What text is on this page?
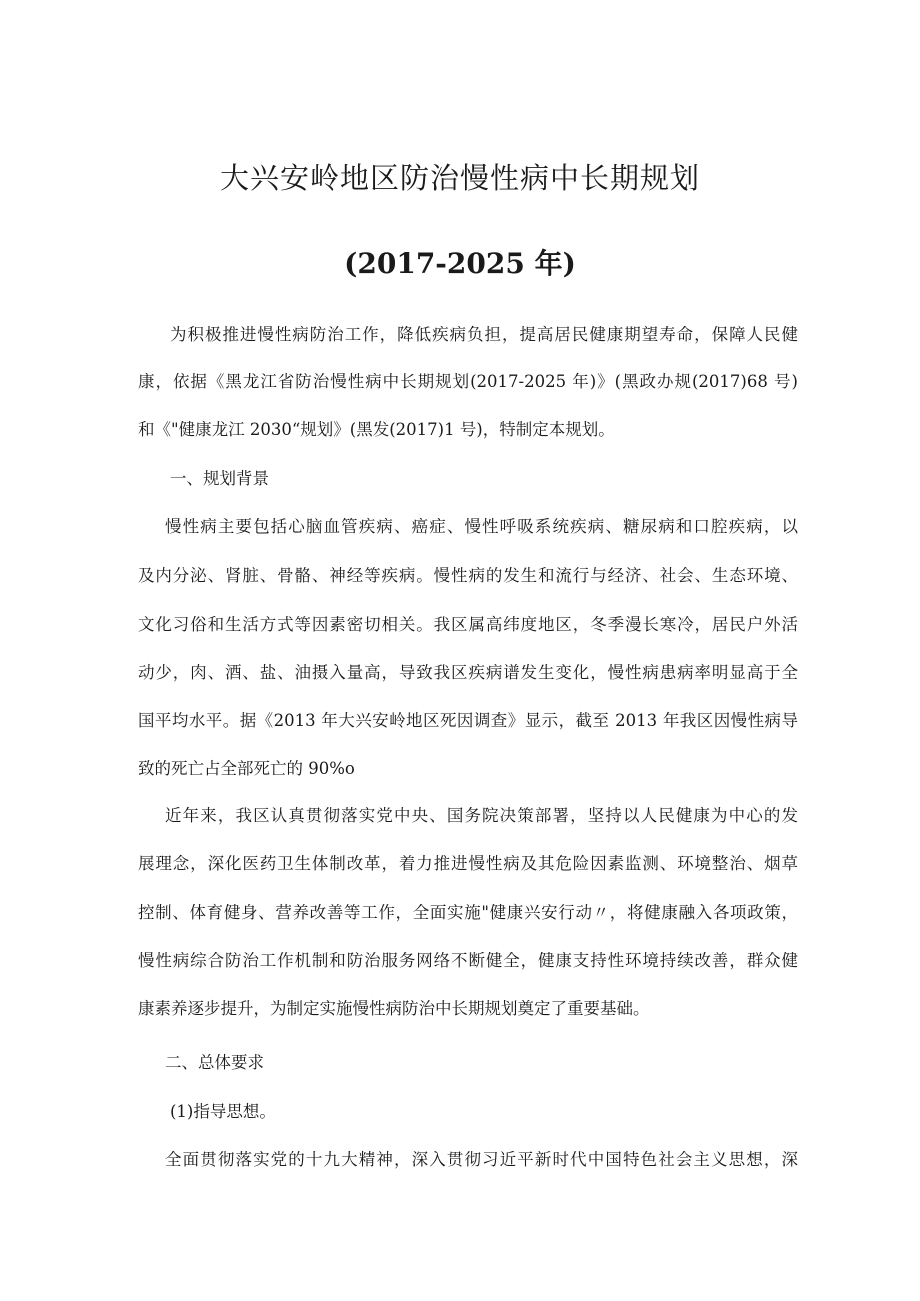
大兴安岭地区防治慢性病中长期规划
(2017-2025 年)

为积极推进慢性病防治工作，降低疾病负担，提高居民健康期望寿命，保障人民健

康，依据《黑龙江省防治慢性病中长期规划(2017-2025 年)》(黑政办规(2017)68 号)

和《"健康龙江 2030“规划》(黑发(2017)1 号)，特制定本规划。

一、规划背景

慢性病主要包括心脑血管疾病、癌症、慢性呼吸系统疾病、糖尿病和口腔疾病，以

及内分泌、肾脏、骨骼、神经等疾病。慢性病的发生和流行与经济、社会、生态环境、

文化习俗和生活方式等因素密切相关。我区属高纬度地区，冬季漫长寒冷，居民户外活

动少，肉、酒、盐、油摄入量高，导致我区疾病谱发生变化，慢性病患病率明显高于全

国平均水平。据《2013 年大兴安岭地区死因调查》显示，截至 2013 年我区因慢性病导

致的死亡占全部死亡的 90%o

近年来，我区认真贯彻落实党中央、国务院决策部署，坚持以人民健康为中心的发

展理念，深化医药卫生体制改革，着力推进慢性病及其危险因素监测、环境整治、烟草

控制、体育健身、营养改善等工作，全面实施"健康兴安行动〃，将健康融入各项政策，

慢性病综合防治工作机制和防治服务网络不断健全，健康支持性环境持续改善，群众健

康素养逐步提升，为制定实施慢性病防治中长期规划奠定了重要基础。

二、总体要求

(1)指导思想。

全面贯彻落实党的十九大精神，深入贯彻习近平新时代中国特色社会主义思想，深
